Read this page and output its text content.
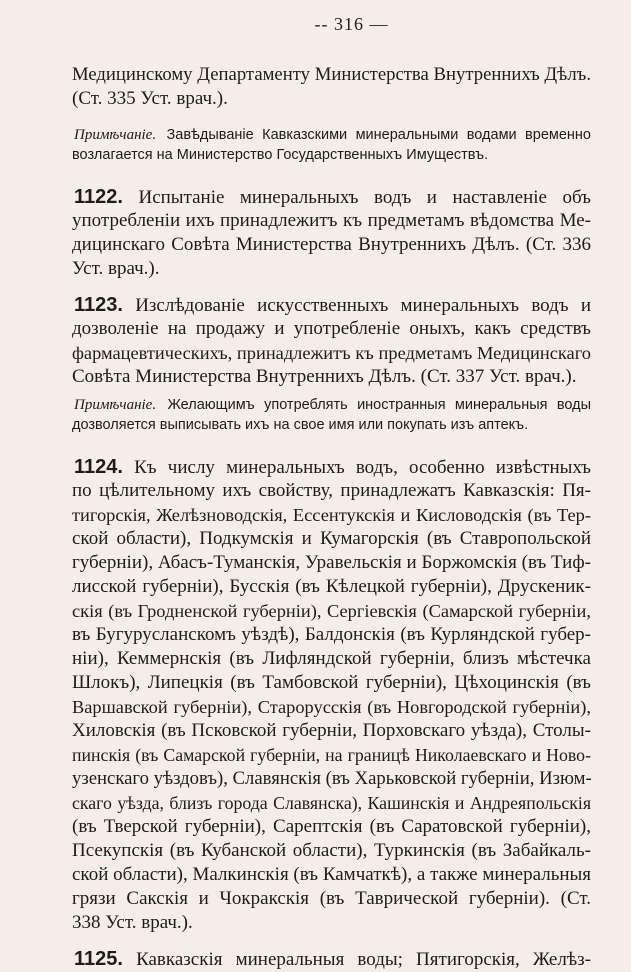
-- 316 —
Медицинскому Департаменту Министерства Внутреннихъ Дѣлъ.
(Ст. 335 Уст. врач.).
Примѣчаніе. Завѣдываніе Кавказскими минеральными водами временно
возлагается на Министерство Государственныхъ Имуществъ.
1122. Испытаніе минеральныхъ водъ и наставленіе объ
употребленіи ихъ принадлежитъ къ предметамъ вѣдомства Ме-
дицинскаго Совѣта Министерства Внутреннихъ Дѣлъ. (Ст. 336
Уст. врач.).
1123. Изслѣдованіе искусственныхъ минеральныхъ водъ и
дозволеніе на продажу и употребленіе оныхъ, какъ средствъ
фармацевтическихъ, принадлежитъ къ предметамъ Медицинскаго
Совѣта Министерства Внутреннихъ Дѣлъ. (Ст. 337 Уст. врач.).
Примѣчаніе. Желающимъ употреблять иностранныя минеральныя воды
дозволяется выписывать ихъ на свое имя или покупать изъ аптекъ.
1124. Къ числу минеральныхъ водъ, особенно извѣстныхъ
по цѣлительному ихъ свойству, принадлежатъ Кавказскія: Пя-
тигорскія, Желѣзноводскія, Ессентукскія и Кисловодскія (въ Тер-
ской области), Подкумскія и Кумагорскія (въ Ставропольской
губерніи), Абасъ-Туманскія, Уравельскія и Боржомскія (въ Тиф-
лисской губерніи), Бусскія (въ Кѣлецкой губерніи), Друскеник-
скія (въ Гродненской губерніи), Сергіевскія (Самарской губерніи,
въ Бугурусланскомъ уѣздѣ), Балдонскія (въ Курляндской губер-
ніи), Кеммернскія (въ Лифляндской губерніи, близъ мѣстечка
Шлокъ), Липецкія (въ Тамбовской губерніи), Цѣхоцинскія (въ
Варшавской губерніи), Старорусскія (въ Новгородской губерніи),
Хиловскія (въ Псковской губерніи, Порховскаго уѣзда), Столы-
пинскія (въ Самарской губерніи, на границѣ Николаевскаго и Ново-
узенскаго уѣздовъ), Славянскія (въ Харьковской губерніи, Изюм-
скаго уѣзда, близъ города Славянска), Кашинскія и Андреяпольскія
(въ Тверской губерніи), Сарептскія (въ Саратовской губерніи),
Псекупскія (въ Кубанской области), Туркинскія (въ Забайкаль-
ской области), Малкинскія (въ Камчаткѣ), а также минеральныя
грязи Сакскія и Чокракскія (въ Таврической губерніи). (Ст.
338 Уст. врач.).
1125. Кавказскія минеральныя воды; Пятигорскія, Желѣз-
